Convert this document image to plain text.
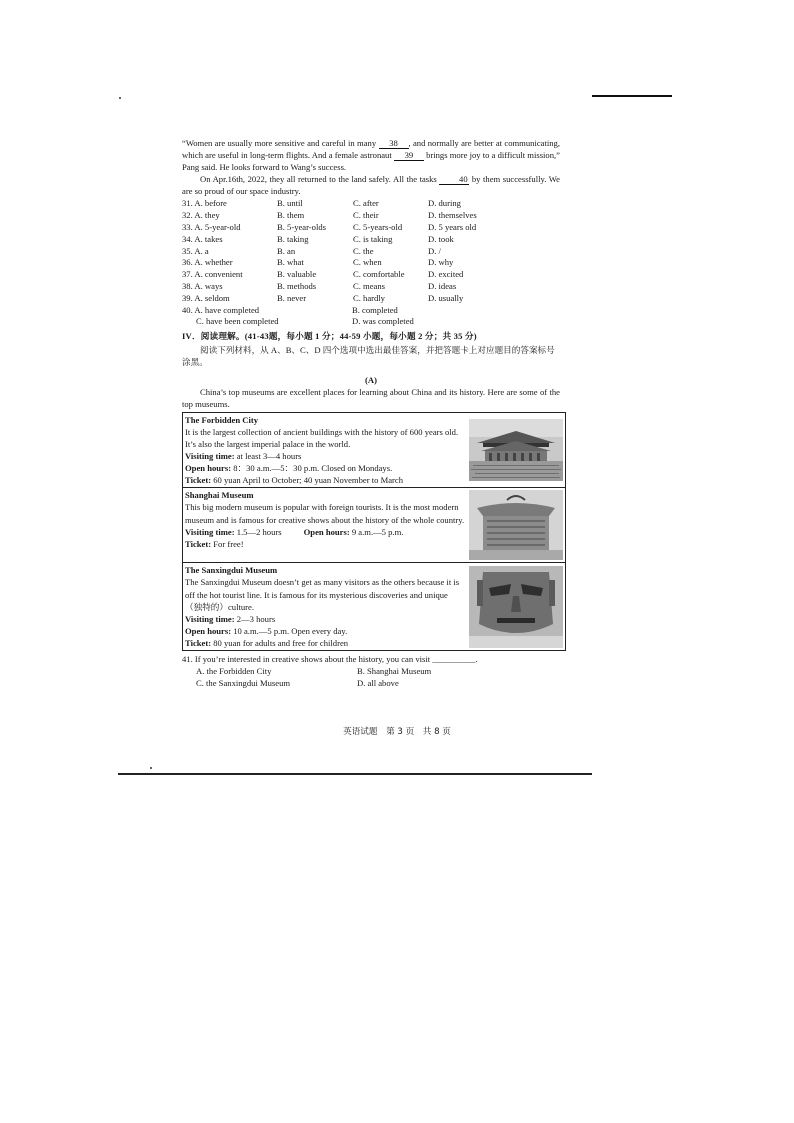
“Women are usually more sensitive and careful in many 38 , and normally are better at communicating, which are useful in long-term flights. And a female astronaut 39 brings more joy to a difficult mission,” Pang said. He looks forward to Wang’s success.

On Apr.16th, 2022, they all returned to the land safely. All the tasks 40 by them successfully. We are so proud of our space industry.

31. A. before	B. until	C. after	D. during
32. A. they	B. them	C. their	D. themselves
33. A. 5-year-old	B. 5-year-olds	C. 5-years-old	D. 5 years old
34. A. takes	B. taking	C. is taking	D. took
35. A. a	B. an	C. the	D. /
36. A. whether	B. what	C. when	D. why
37. A. convenient	B. valuable	C. comfortable	D. excited
38. A. ways	B. methods	C. means	D. ideas
39. A. seldom	B. never	C. hardly	D. usually
40. A. have completed	B. completed
C. have been completed	D. was completed

IV．阅读理解。(41-43题，每小题 1 分；44-59 小题，每小题 2 分；共 35 分)

阅读下列材料，从 A、B、C、D 四个选项中选出最佳答案，并把答题卡上对应题目的答案标号涂黑。

(A)

China’s top museums are excellent places for learning about China and its history. Here are some of the top museums.

The Forbidden City

It is the largest collection of ancient buildings with the history of 600 years old. It’s also the largest imperial palace in the world.

Visiting time: at least 3—4 hours

Open hours: 8：30 a.m.—5：30 p.m. Closed on Mondays.

Ticket: 60 yuan April to October; 40 yuan November to March

Shanghai Museum

This big modern museum is popular with foreign tourists. It is the most modern museum and is famous for creative shows about the history of the whole country.

Visiting time: 1.5—2 hours	Open hours: 9 a.m.—5 p.m.

Ticket: For free!

The Sanxingdui Museum

The Sanxingdui Museum doesn’t get as many visitors as the others because it is off the hot tourist line. It is famous for its mysterious discoveries and unique（独特的）culture.

Visiting time: 2—3 hours

Open hours: 10 a.m.—5 p.m. Open every day.

Ticket: 80 yuan for adults and free for children

41. If you’re interested in creative shows about the history, you can visit __________.

A. the Forbidden City	B. Shanghai Museum
C. the Sanxingdui Museum	D. all above
英语试题　第 3 页　共 8 页
